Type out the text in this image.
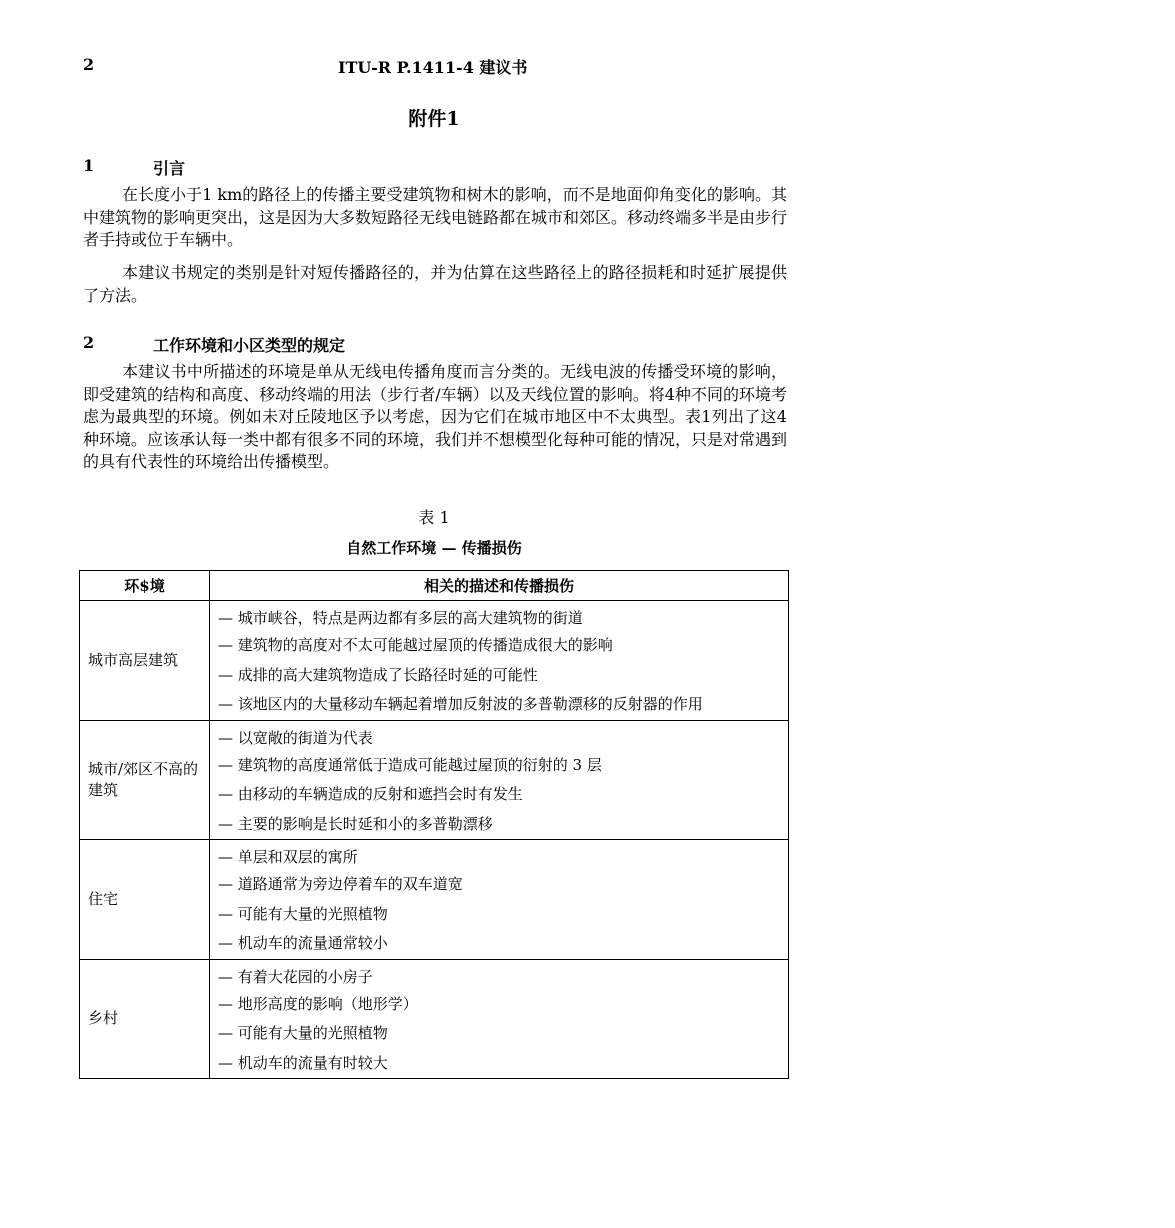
2	ITU-R P.1411-4 建议书
附件1
1	引言
在长度小于1 km的路径上的传播主要受建筑物和树木的影响，而不是地面仰角变化的影响。其中建筑物的影响更突出，这是因为大多数短路径无线电链路都在城市和郊区。移动终端多半是由步行者手持或位于车辆中。
本建议书规定的类别是针对短传播路径的，并为估算在这些路径上的路径损耗和时延扩展提供了方法。
2	工作环境和小区类型的规定
本建议书中所描述的环境是单从无线电传播角度而言分类的。无线电波的传播受环境的影响，即受建筑的结构和高度、移动终端的用法（步行者/车辆）以及天线位置的影响。将4种不同的环境考虑为最典型的环境。例如未对丘陵地区予以考虑，因为它们在城市地区中不太典型。表1列出了这4种环境。应该承认每一类中都有很多不同的环境，我们并不想模型化每种可能的情况，只是对常遇到的具有代表性的环境给出传播模型。
表 1
自然工作环境 — 传播损伤
环$境	相关的描述和传播损伤
城市高层建筑	— 城市峡谷，特点是两边都有多层的高大建筑物的街道
— 建筑物的高度对不太可能越过屋顶的传播造成很大的影响
— 成排的高大建筑物造成了长路径时延的可能性
— 该地区内的大量移动车辆起着增加反射波的多普勒漂移的反射器的作用

城市/郊区不高的建筑	— 以宽敞的街道为代表
— 建筑物的高度通常低于造成可能越过屋顶的衍射的 3 层
— 由移动的车辆造成的反射和遮挡会时有发生
— 主要的影响是长时延和小的多普勒漂移

住宅	— 单层和双层的寓所
— 道路通常为旁边停着车的双车道宽
— 可能有大量的光照植物
— 机动车的流量通常较小

乡村	— 有着大花园的小房子
— 地形高度的影响（地形学）
— 可能有大量的光照植物
— 机动车的流量有时较大
